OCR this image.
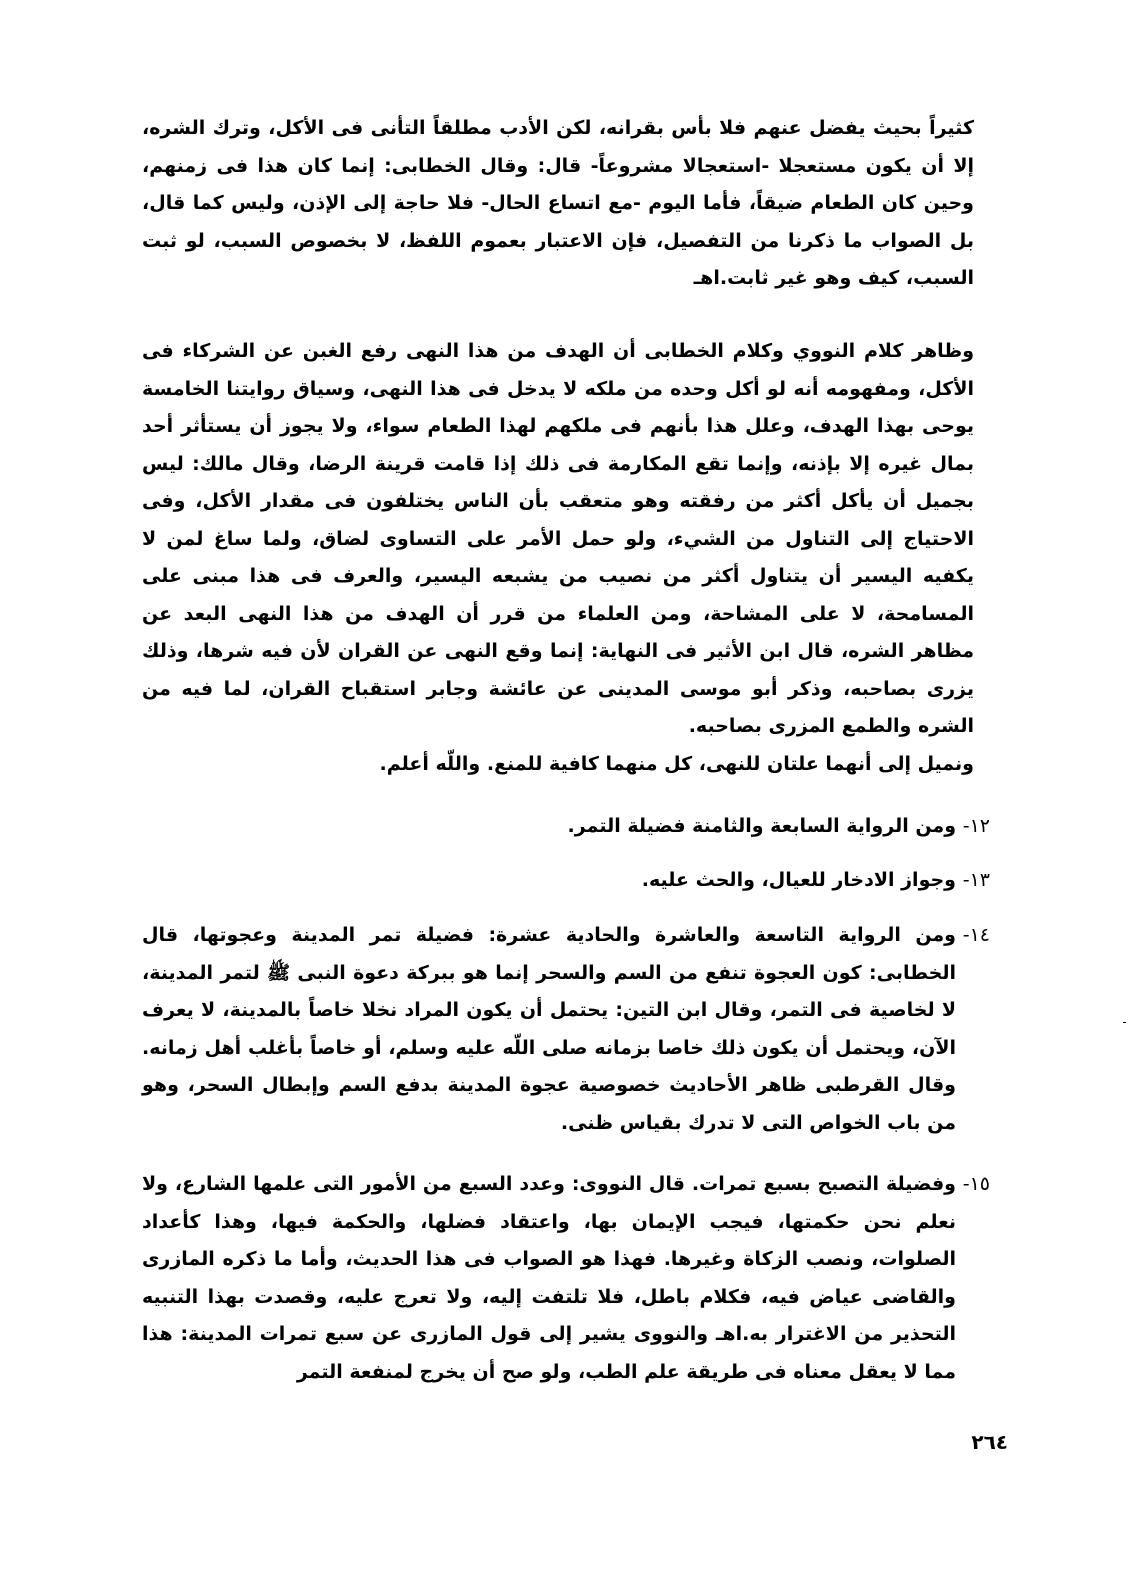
كثيراً بحيث يفضل عنهم فلا بأس بقرانه، لكن الأدب مطلقاً التأنى فى الأكل، وترك الشره، إلا أن يكون مستعجلا -استعجالا مشروعاً- قال: وقال الخطابى: إنما كان هذا فى زمنهم، وحين كان الطعام ضيقاً، فأما اليوم -مع اتساع الحال- فلا حاجة إلى الإذن، وليس كما قال، بل الصواب ما ذكرنا من التفصيل، فإن الاعتبار بعموم اللفظ، لا بخصوص السبب، لو ثبت السبب، كيف وهو غير ثابت.اهـ

وظاهر كلام النووي وكلام الخطابى أن الهدف من هذا النهى رفع الغبن عن الشركاء فى الأكل، ومفهومه أنه لو أكل وحده من ملكه لا يدخل فى هذا النهى، وسياق روايتنا الخامسة يوحى بهذا الهدف، وعلل هذا بأنهم فى ملكهم لهذا الطعام سواء، ولا يجوز أن يستأثر أحد بمال غيره إلا بإذنه، وإنما تقع المكارمة فى ذلك إذا قامت قرينة الرضا، وقال مالك: ليس بجميل أن يأكل أكثر من رفقته وهو متعقب بأن الناس يختلفون فى مقدار الأكل، وفى الاحتياج إلى التناول من الشيء، ولو حمل الأمر على التساوى لضاق، ولما ساغ لمن لا يكفيه اليسير أن يتناول أكثر من نصيب من يشبعه اليسير، والعرف فى هذا مبنى على المسامحة، لا على المشاحة، ومن العلماء من قرر أن الهدف من هذا النهى البعد عن مظاهر الشره، قال ابن الأثير فى النهاية: إنما وقع النهى عن القران لأن فيه شرها، وذلك يزرى بصاحبه، وذكر أبو موسى المدينى عن عائشة وجابر استقباح القران، لما فيه من الشره والطمع المزرى بصاحبه.

ونميل إلى أنهما علتان للنهى، كل منهما كافية للمنع. واللّه أعلم.

١٢-
ومن الرواية السابعة والثامنة فضيلة التمر.
١٣-
وجواز الادخار للعيال، والحث عليه.
١٤-
ومن الرواية التاسعة والعاشرة والحادية عشرة: فضيلة تمر المدينة وعجوتها، قال الخطابى: كون العجوة تنفع من السم والسحر إنما هو ببركة دعوة النبى ﷺ لتمر المدينة، لا لخاصية فى التمر، وقال ابن التين: يحتمل أن يكون المراد نخلا خاصاً بالمدينة، لا يعرف الآن، ويحتمل أن يكون ذلك خاصا بزمانه صلى اللّه عليه وسلم، أو خاصاً بأغلب أهل زمانه. وقال القرطبى ظاهر الأحاديث خصوصية عجوة المدينة بدفع السم وإبطال السحر، وهو من باب الخواص التى لا تدرك بقياس ظنى.
١٥-
وفضيلة التصبح بسبع تمرات. قال النووى: وعدد السبع من الأمور التى علمها الشارع، ولا نعلم نحن حكمتها، فيجب الإيمان بها، واعتقاد فضلها، والحكمة فيها، وهذا كأعداد الصلوات، ونصب الزكاة وغيرها. فهذا هو الصواب فى هذا الحديث، وأما ما ذكره المازرى والقاضى عياض فيه، فكلام باطل، فلا تلتفت إليه، ولا تعرج عليه، وقصدت بهذا التنبيه التحذير من الاغترار به.اهـ والنووى يشير إلى قول المازرى عن سبع تمرات المدينة: هذا مما لا يعقل معناه فى طريقة علم الطب، ولو صح أن يخرج لمنفعة التمر
٢٦٤
